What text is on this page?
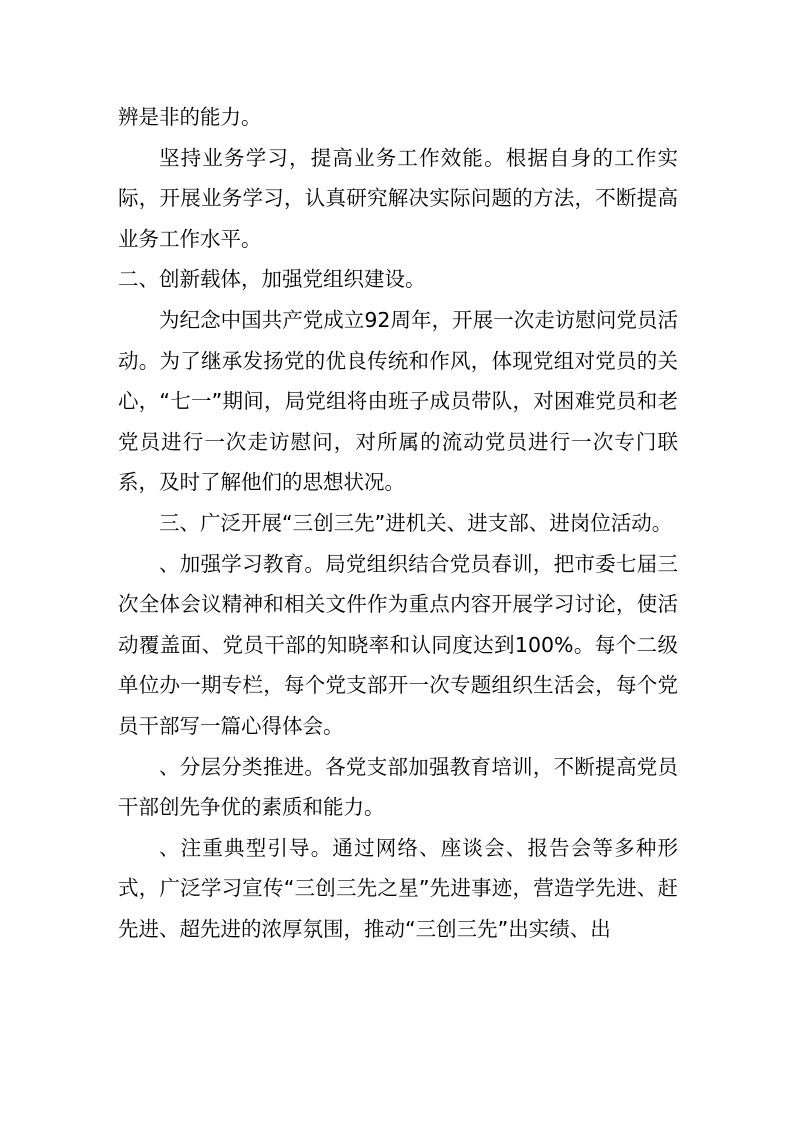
辨是非的能力。

坚持业务学习，提高业务工作效能。根据自身的工作实际，开展业务学习，认真研究解决实际问题的方法，不断提高业务工作水平。

二、创新载体，加强党组织建设。

为纪念中国共产党成立92周年，开展一次走访慰问党员活动。为了继承发扬党的优良传统和作风，体现党组对党员的关心，“七一”期间，局党组将由班子成员带队，对困难党员和老党员进行一次走访慰问，对所属的流动党员进行一次专门联系，及时了解他们的思想状况。

三、广泛开展“三创三先”进机关、进支部、进岗位活动。

、加强学习教育。局党组织结合党员春训，把市委七届三次全体会议精神和相关文件作为重点内容开展学习讨论，使活动覆盖面、党员干部的知晓率和认同度达到100%。每个二级单位办一期专栏，每个党支部开一次专题组织生活会，每个党员干部写一篇心得体会。

、分层分类推进。各党支部加强教育培训，不断提高党员干部创先争优的素质和能力。

、注重典型引导。通过网络、座谈会、报告会等多种形式，广泛学习宣传“三创三先之星”先进事迹，营造学先进、赶先进、超先进的浓厚氛围，推动“三创三先”出实绩、出
